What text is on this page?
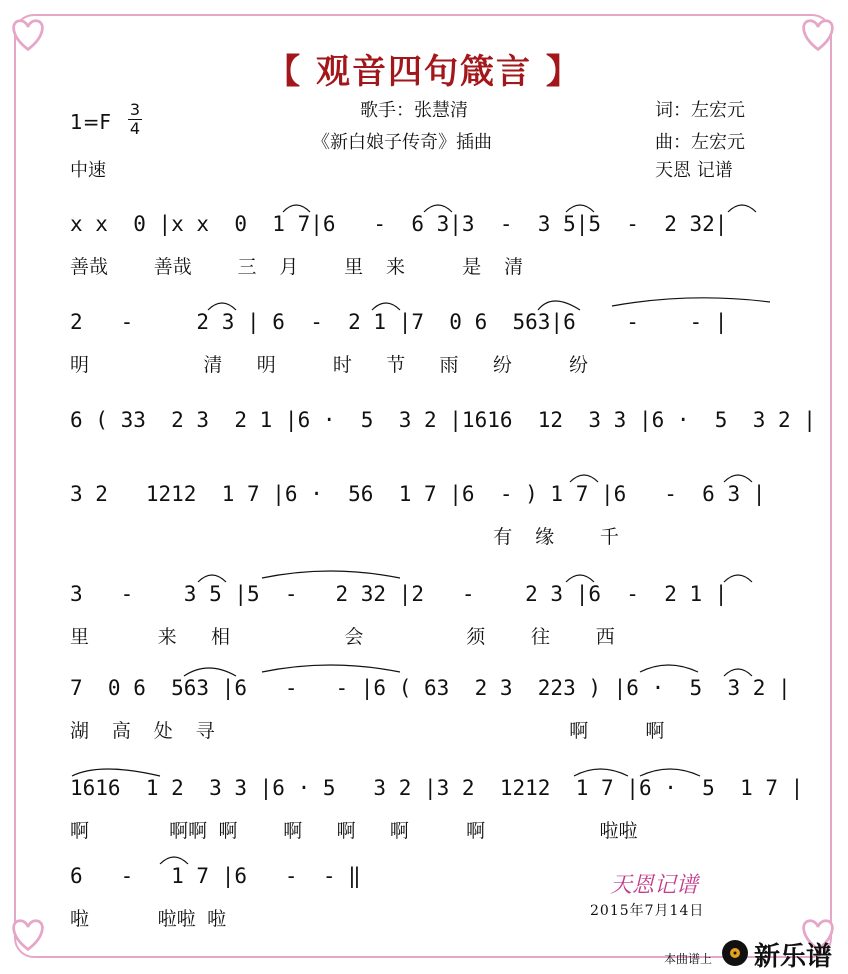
【 观音四句箴言 】
1=F
3
4
中速
歌手：张慧清
《新白娘子传奇》插曲
词：左宏元
曲：左宏元
天恩 记谱
x x  0 |x x  0  1 7|6   -  6 3|3  -  3 5|5  -  2 32|
善哉    善哉    三  月    里  来     是  清
2   -     2 3 | 6  -  2 1 |7  0 6  563|6    -    - |
明          清   明     时   节   雨   纷     纷
6 ( 33  2 3  2 1 |6 ·  5  3 2 |1616  12  3 3 |6 ·  5  3 2 |
3 2   1212  1 7 |6 ·  56  1 7 |6  - ) 1 7 |6   -  6 3 |
有  缘    千
3   -    3 5 |5  -   2 32 |2   -    2 3 |6  -  2 1 |
里      来   相          会         须    往    西
7  0 6  563 |6   -   - |6 ( 63  2 3  223 ) |6 ·  5  3 2 |
湖  高  处  寻                               啊     啊
1616  1 2  3 3 |6 · 5   3 2 |3 2  1212  1 7 |6 ·  5  1 7 |
啊       啊啊 啊    啊   啊   啊     啊          啦啦
6   -   1 7 |6   -  - ‖
啦      啦啦 啦
天恩记谱
2015年7月14日
本曲谱上 新乐谱
